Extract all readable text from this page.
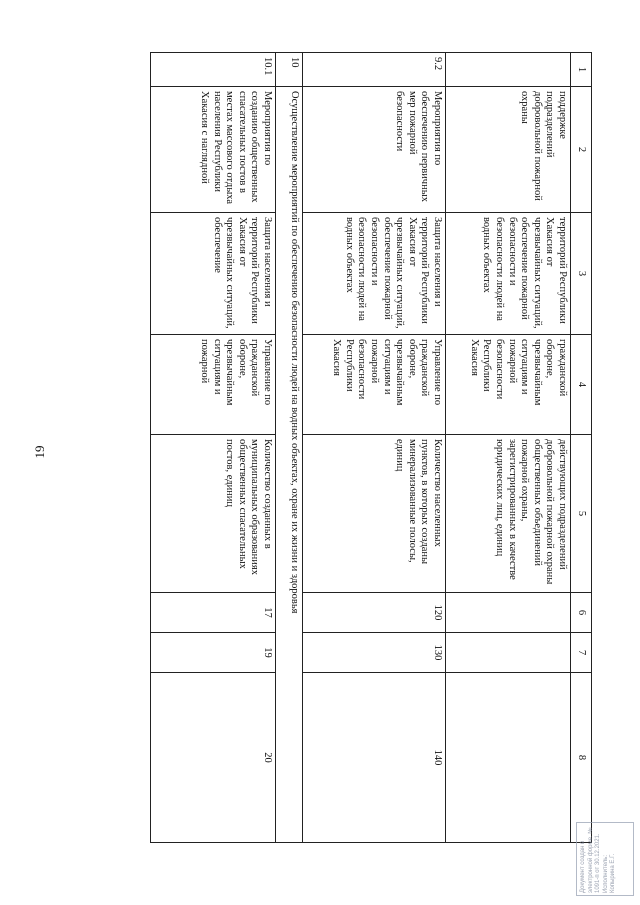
19
1	2	3	4	5	6	7	8
	поддержке подразделений добровольной пожарной охраны	территорий Республики Хакасия от чрезвычайных ситуаций, обеспечение пожарной безопасности и безопасности людей на водных объектах	гражданской обороне, чрезвычайным ситуациям и пожарной безопасности Республики Хакасия	действующих подразделений добровольной пожарной охраны общественных объединений пожарной охраны, зарегистрированных в качестве юридических лиц, единиц			
9.2	Мероприятия по обеспечению первичных мер пожарной безопасности	Защита населения и территорий Республики Хакасия от чрезвычайных ситуаций, обеспечение пожарной безопасности и безопасности людей на водных объектах	Управление по гражданской обороне, чрезвычайным ситуациям и пожарной безопасности Республики Хакасия	Количество населенных пунктов, в которых созданы минерализованные полосы, единиц	120	130	140
10	Осуществление мероприятий по обеспечению безопасности людей на водных объектах, охране их жизни и здоровья						
10.1	Мероприятия по созданию общественных спасательных постов в местах массового отдыха населения Республики Хакасия с наглядной	Защита населения и территорий Республики Хакасия от чрезвычайных ситуаций, обеспечение	Управление по гражданской обороне, чрезвычайным ситуациям и пожарной	Количество созданных в муниципальных образованиях общественных спасательных постов, единиц	17	19	20
Документ создан в электронной форме. № 1091-п от 30.12.2021. Исполнитель: Копырина Е.Г.
